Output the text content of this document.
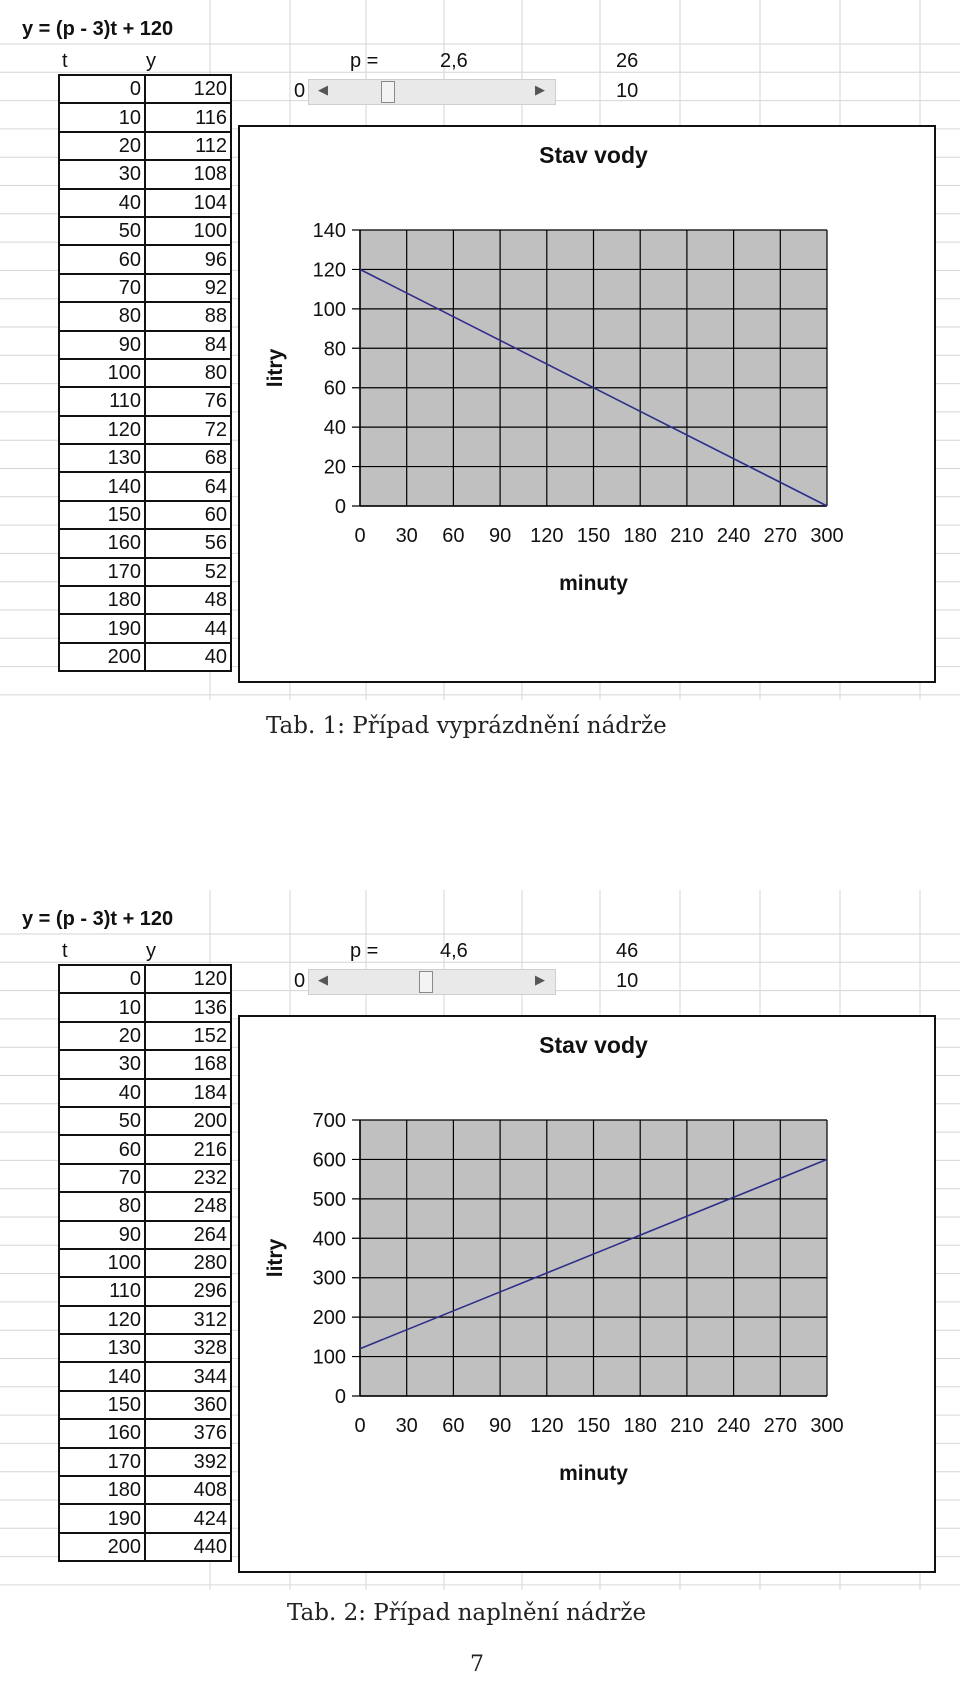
y = (p - 3)t + 120
t	y	p =	2,6	26
0	10
◀	▶
0	120
10	116
20	112
30	108
40	104
50	100
60	96
70	92
80	88
90	84
100	80
110	76
120	72
130	68
140	64
150	60
160	56
170	52
180	48
190	44
200	40
Stav vody
0
20
40
60
80
100
120
140
0 30 60 90 120 150 180 210 240 270 300
minuty
litry
Tab. 1: Případ vyprázdnění nádrže
y = (p - 3)t + 120
t	y	p =	4,6	46
0	10
◀	▶
0	120
10	136
20	152
30	168
40	184
50	200
60	216
70	232
80	248
90	264
100	280
110	296
120	312
130	328
140	344
150	360
160	376
170	392
180	408
190	424
200	440
Stav vody
0
100
200
300
400
500
600
700
0 30 60 90 120 150 180 210 240 270 300
minuty
litry
Tab. 2: Případ naplnění nádrže
7
